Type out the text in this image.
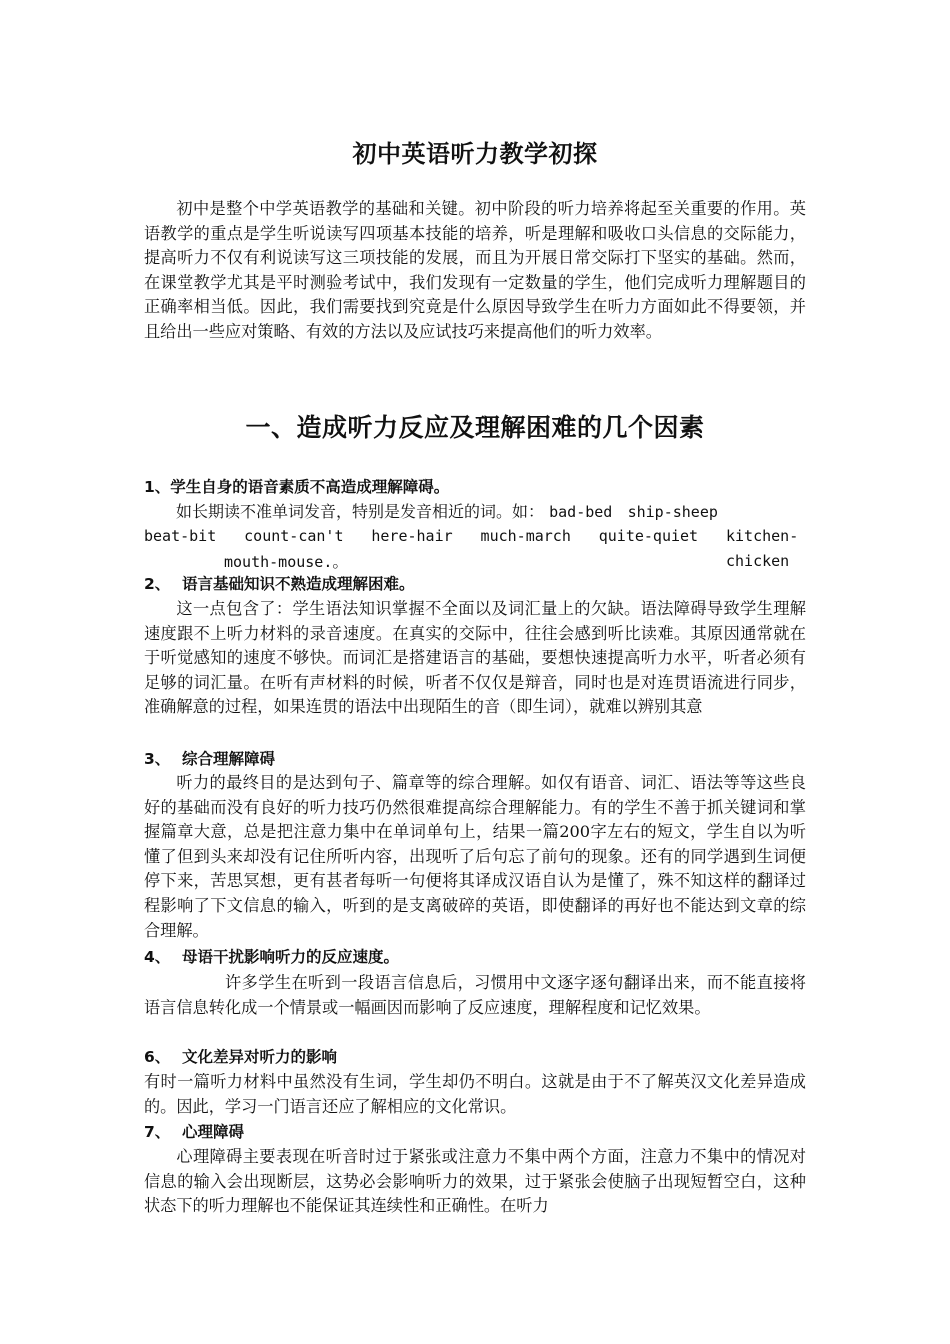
初中英语听力教学初探

初中是整个中学英语教学的基础和关键。初中阶段的听力培养将起至关重要的作用。英语教学的重点是学生听说读写四项基本技能的培养，听是理解和吸收口头信息的交际能力，提高听力不仅有利说读写这三项技能的发展，而且为开展日常交际打下坚实的基础。然而，在课堂教学尤其是平时测验考试中，我们发现有一定数量的学生，他们完成听力理解题目的正确率相当低。因此，我们需要找到究竟是什么原因导致学生在听力方面如此不得要领，并且给出一些应对策略、有效的方法以及应试技巧来提高他们的听力效率。

一、造成听力反应及理解困难的几个因素
1、学生自身的语音素质不高造成理解障碍。
如长期读不准单词发音，特别是发音相近的词。如： bad-bed ship-sheep
beat-bit count-can't here-hair much-march quite-quiet kitchen-chicken
mouth-mouse.。
2、 语言基础知识不熟造成理解困难。

这一点包含了：学生语法知识掌握不全面以及词汇量上的欠缺。语法障碍导致学生理解速度跟不上听力材料的录音速度。在真实的交际中，往往会感到听比读难。其原因通常就在于听觉感知的速度不够快。而词汇是搭建语言的基础，要想快速提高听力水平，听者必须有足够的词汇量。在听有声材料的时候，听者不仅仅是辩音，同时也是对连贯语流进行同步，准确解意的过程，如果连贯的语法中出现陌生的音（即生词），就难以辨别其意

3、 综合理解障碍

听力的最终目的是达到句子、篇章等的综合理解。如仅有语音、词汇、语法等等这些良好的基础而没有良好的听力技巧仍然很难提高综合理解能力。有的学生不善于抓关键词和掌握篇章大意，总是把注意力集中在单词单句上，结果一篇200字左右的短文，学生自以为听懂了但到头来却没有记住所听内容，出现听了后句忘了前句的现象。还有的同学遇到生词便停下来，苦思冥想，更有甚者每听一句便将其译成汉语自认为是懂了，殊不知这样的翻译过程影响了下文信息的输入，听到的是支离破碎的英语，即使翻译的再好也不能达到文章的综合理解。

4、 母语干扰影响听力的反应速度。

许多学生在听到一段语言信息后，习惯用中文逐字逐句翻译出来，而不能直接将语言信息转化成一个情景或一幅画因而影响了反应速度，理解程度和记忆效果。

6、 文化差异对听力的影响

有时一篇听力材料中虽然没有生词，学生却仍不明白。这就是由于不了解英汉文化差异造成的。因此，学习一门语言还应了解相应的文化常识。

7、 心理障碍

心理障碍主要表现在听音时过于紧张或注意力不集中两个方面，注意力不集中的情况对信息的输入会出现断层，这势必会影响听力的效果，过于紧张会使脑子出现短暂空白，这种状态下的听力理解也不能保证其连续性和正确性。在听力
